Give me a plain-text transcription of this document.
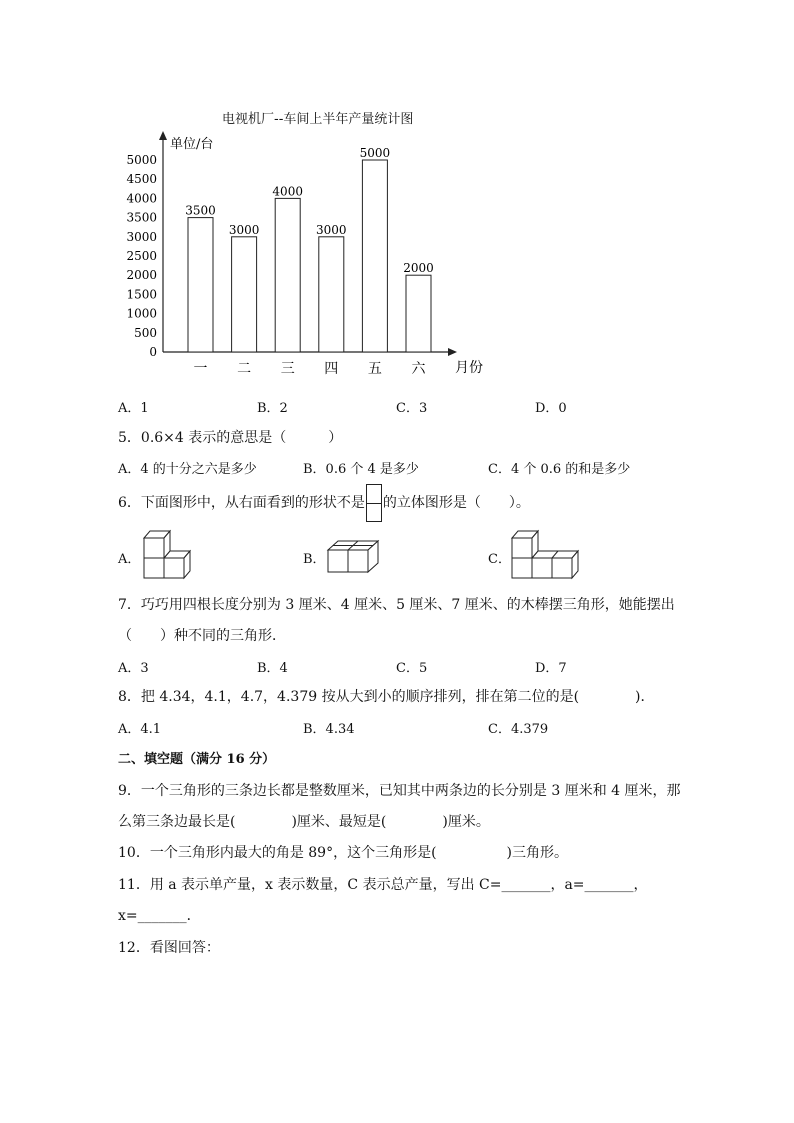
电视机厂--车间上半年产量统计图
单位/台
月份
0
500
1000
1500
2000
2500
3000
3500
4000
4500
5000
3500
一
3000
二
4000
三
3000
四
5000
五
2000
六
A．1	B．2	C．3	D．0
5．0.6×4 表示的意思是（　　　）
A．4 的十分之六是多少	B．0.6 个 4 是多少	C．4 个 0.6 的和是多少
6．下面图形中，从右面看到的形状不是 的立体图形是（　　）。
A．	B．	C．
7．巧巧用四根长度分别为 3 厘米、4 厘米、5 厘米、7 厘米、的木棒摆三角形，她能摆出
（　　）种不同的三角形．
A．3	B．4	C．5	D．7
8．把 4.34，4.1，4.7，4.379 按从大到小的顺序排列，排在第二位的是(　　　　)．
A．4.1	B．4.34	C．4.379
二、填空题（满分 16 分）
9．一个三角形的三条边长都是整数厘米，已知其中两条边的长分别是 3 厘米和 4 厘米，那
么第三条边最长是(　　　　)厘米、最短是(　　　　)厘米。
10．一个三角形内最大的角是 89°，这个三角形是(　　　　　)三角形。
11．用 a 表示单产量，x 表示数量，C 表示总产量，写出 C=_______，a=_______，
x=_______．
12．看图回答：
